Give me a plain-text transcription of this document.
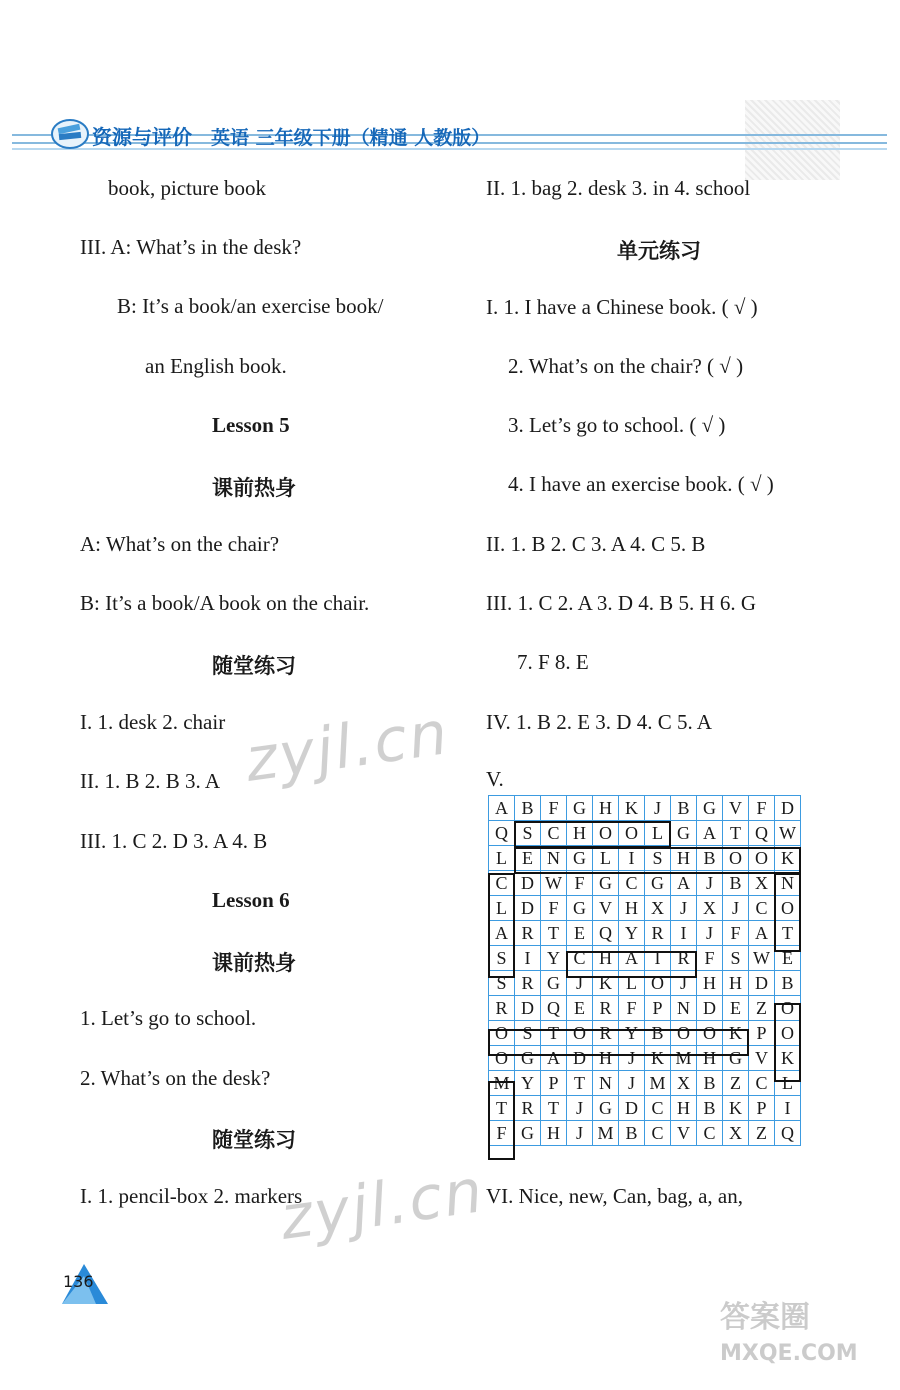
资源与评价 英语 三年级下册（精通 人教版）
book, picture book
III. A: What’s in the desk?
B: It’s a book/an exercise book/
an English book.
Lesson 5
课前热身
A: What’s on the chair?
B: It’s a book/A book on the chair.
随堂练习
I. 1. desk 2. chair
II. 1. B 2. B 3. A
III. 1. C 2. D 3. A 4. B
Lesson 6
课前热身
1. Let’s go to school.
2. What’s on the desk?
随堂练习
I. 1. pencil-box 2. markers
II. 1. bag 2. desk 3. in 4. school
单元练习
I. 1. I have a Chinese book. ( √ )
2. What’s on the chair? ( √ )
3. Let’s go to school. ( √ )
4. I have an exercise book. ( √ )
II. 1. B 2. C 3. A 4. C 5. B
III. 1. C 2. A 3. D 4. B 5. H 6. G
7. F 8. E
IV. 1. B 2. E 3. D 4. C 5. A
V.
VI. Nice, new, Can, bag, a, an,
A	B	F	G	H	K	J	B	G	V	F	D
Q	S	C	H	O	O	L	G	A	T	Q	W
L	E	N	G	L	I	S	H	B	O	O	K
C	D	W	F	G	C	G	A	J	B	X	N
L	D	F	G	V	H	X	J	X	J	C	O
A	R	T	E	Q	Y	R	I	J	F	A	T
S	I	Y	C	H	A	I	R	F	S	W	E
S	R	G	J	K	L	O	J	H	H	D	B
R	D	Q	E	R	F	P	N	D	E	Z	O
O	S	T	O	R	Y	B	O	O	K	P	O
O	G	A	D	H	J	K	M	H	G	V	K
M	Y	P	T	N	J	M	X	B	Z	C	L
T	R	T	J	G	D	C	H	B	K	P	I
F	G	H	J	M	B	C	V	C	X	Z	Q
136
zyjl.cn
zyjl.cn
答案圈
MXQE.COM
